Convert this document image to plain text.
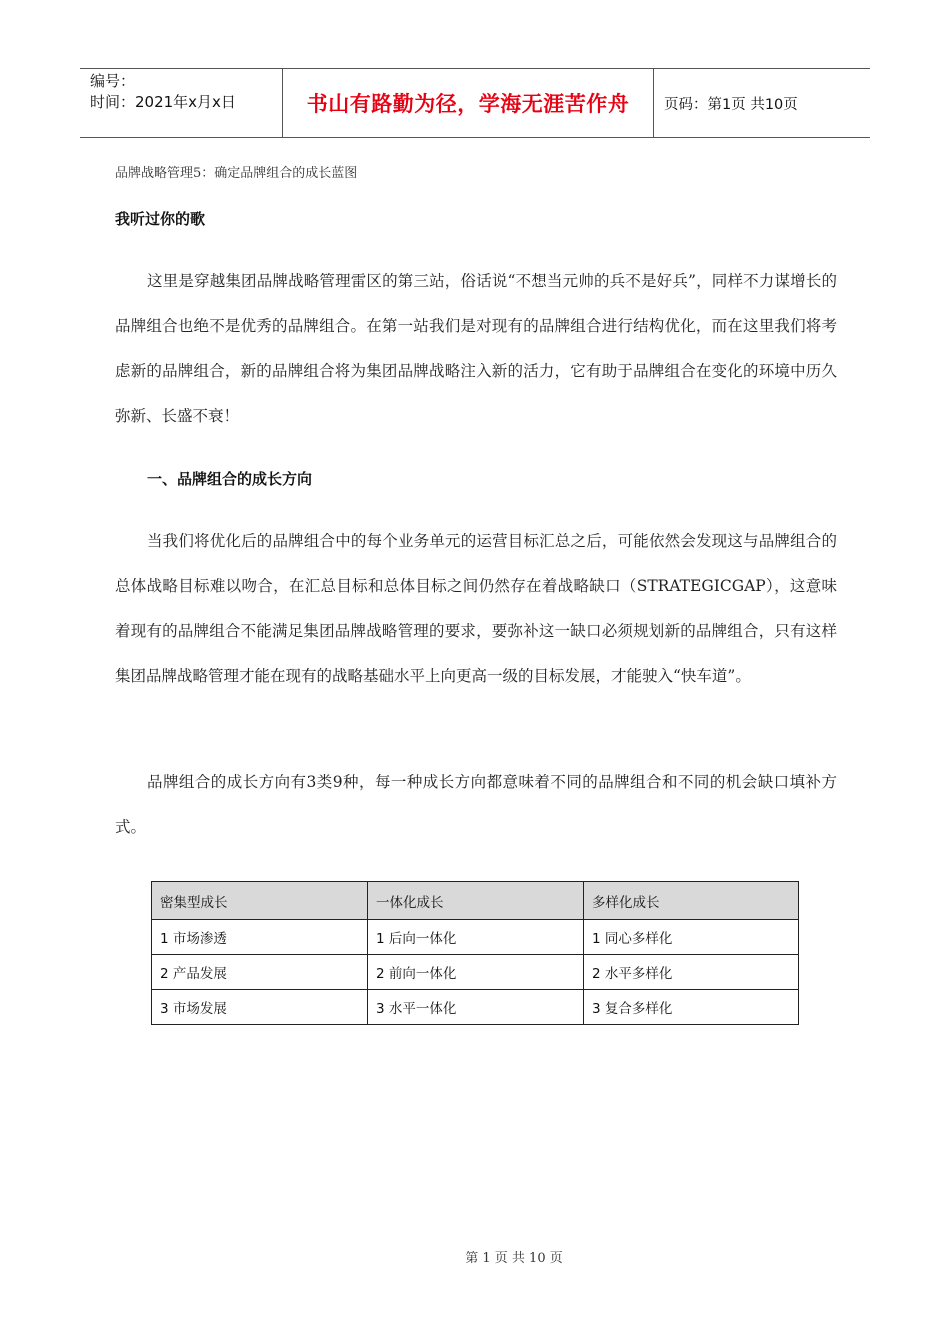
编号：
时间：2021年x月x日	书山有路勤为径，学海无涯苦作舟 页码：第1页 共10页
品牌战略管理5：确定品牌组合的成长蓝图
我听过你的歌

这里是穿越集团品牌战略管理雷区的第三站，俗话说“不想当元帅的兵不是好兵”，同样不力谋增长的品牌组合也绝不是优秀的品牌组合。在第一站我们是对现有的品牌组合进行结构优化，而在这里我们将考虑新的品牌组合，新的品牌组合将为集团品牌战略注入新的活力，它有助于品牌组合在变化的环境中历久弥新、长盛不衰！

一、品牌组合的成长方向

当我们将优化后的品牌组合中的每个业务单元的运营目标汇总之后，可能依然会发现这与品牌组合的总体战略目标难以吻合，在汇总目标和总体目标之间仍然存在着战略缺口（STRATEGICGAP），这意味着现有的品牌组合不能满足集团品牌战略管理的要求，要弥补这一缺口必须规划新的品牌组合，只有这样集团品牌战略管理才能在现有的战略基础水平上向更高一级的目标发展，才能驶入“快车道”。

品牌组合的成长方向有3类9种，每一种成长方向都意味着不同的品牌组合和不同的机会缺口填补方式。

密集型成长	一体化成长	多样化成长
1 市场渗透	1 后向一体化	1 同心多样化
2 产品发展	2 前向一体化	2 水平多样化
3 市场发展	3 水平一体化	3 复合多样化
第 1 页 共 10 页
